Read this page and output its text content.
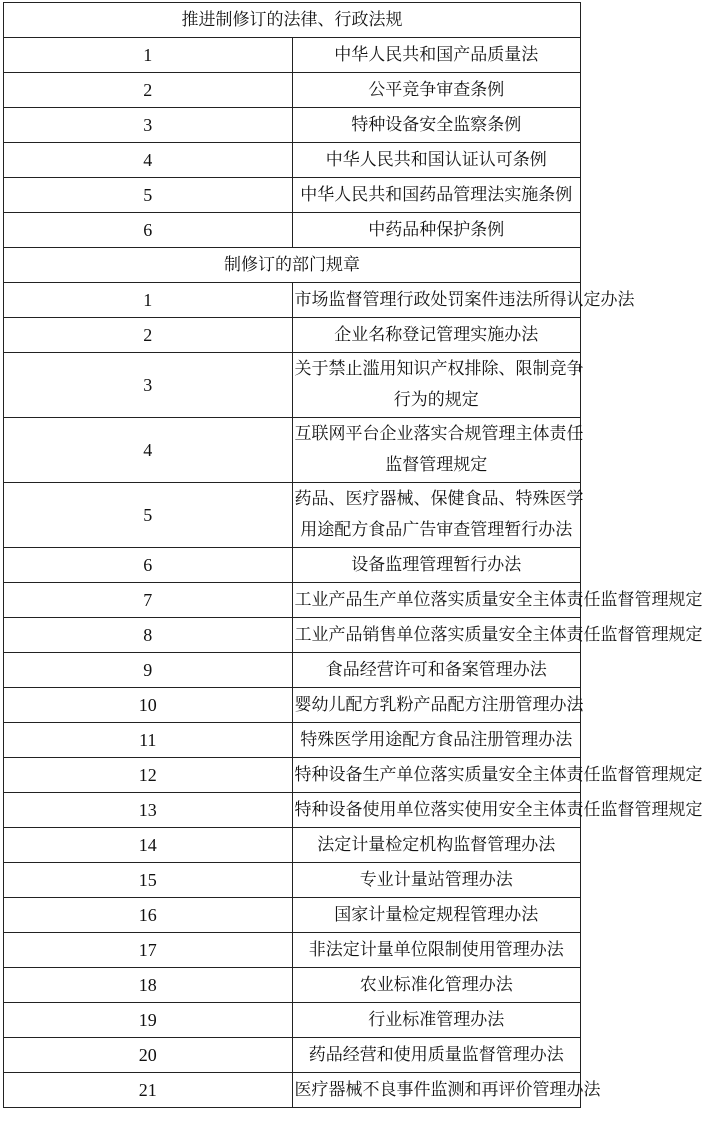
推进制修订的法律、行政法规	
1	中华人民共和国产品质量法
2	公平竞争审查条例
3	特种设备安全监察条例
4	中华人民共和国认证认可条例
5	中华人民共和国药品管理法实施条例
6	中药品种保护条例
制修订的部门规章	
1	市场监督管理行政处罚案件违法所得认定办法
2	企业名称登记管理实施办法
3	关于禁止滥用知识产权排除、限制竞争
行为的规定

4	互联网平台企业落实合规管理主体责任
监督管理规定

5	药品、医疗器械、保健食品、特殊医学
用途配方食品广告审查管理暂行办法

6	设备监理管理暂行办法
7	工业产品生产单位落实质量安全主体责任监督管理规定
8	工业产品销售单位落实质量安全主体责任监督管理规定
9	食品经营许可和备案管理办法
10	婴幼儿配方乳粉产品配方注册管理办法
11	特殊医学用途配方食品注册管理办法
12	特种设备生产单位落实质量安全主体责任监督管理规定
13	特种设备使用单位落实使用安全主体责任监督管理规定
14	法定计量检定机构监督管理办法
15	专业计量站管理办法
16	国家计量检定规程管理办法
17	非法定计量单位限制使用管理办法
18	农业标准化管理办法
19	行业标准管理办法
20	药品经营和使用质量监督管理办法
21	医疗器械不良事件监测和再评价管理办法
